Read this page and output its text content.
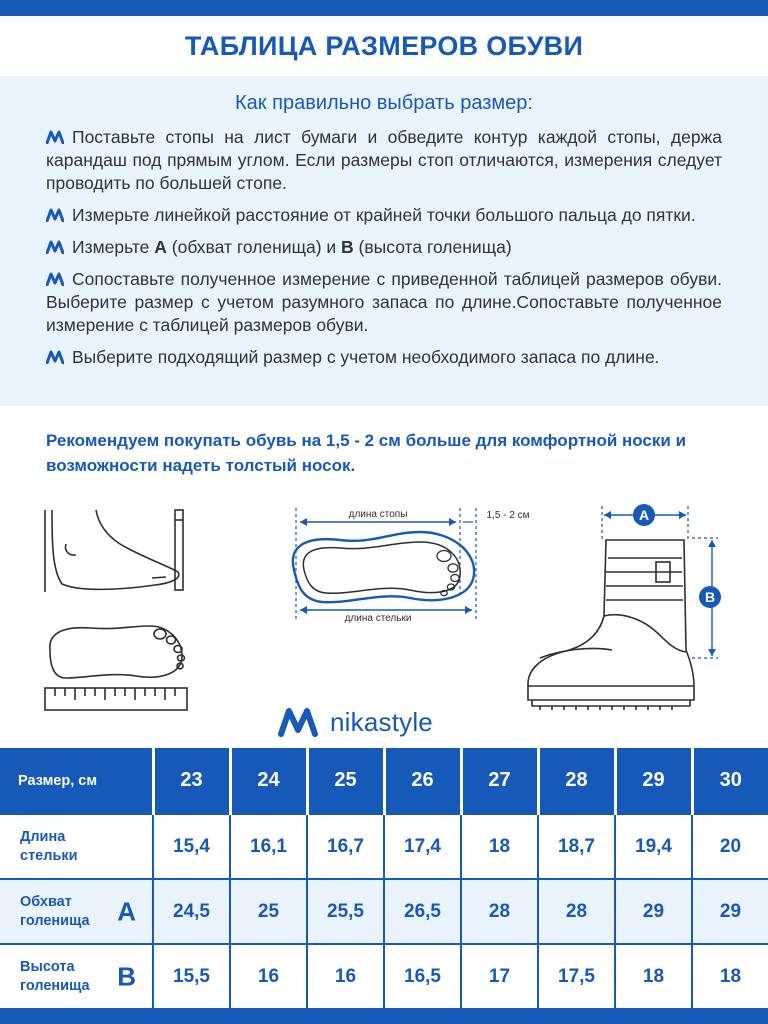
ТАБЛИЦА РАЗМЕРОВ ОБУВИ
Как правильно выбрать размер:
Поставьте стопы на лист бумаги и обведите контур каждой стопы, держа карандаш под прямым углом. Если размеры стоп отличаются, измерения следует проводить по большей стопе.
Измерьте линейкой расстояние от крайней точки большого пальца до пятки.
Измерьте А (обхват голенища) и В (высота голенища)
Сопоставьте полученное измерение с приведенной таблицей размеров обуви. Выберите размер с учетом разумного запаса по длине.Сопоставьте полученное измерение с таблицей размеров обуви.
Выберите подходящий размер с учетом необходимого запаса по длине.

Рекомендуем покупать обувь на 1,5 - 2 см больше для комфортной носки и возможности надеть толстый носок.

длина стопы	1,5 - 2 см
длина стельки
A
B
nikastyle
Размер, см	23	24	25	26	27	28	29	30
Длина
стельки	15,4	16,1	16,7	17,4	18	18,7	19,4	20
Обхват
голенища A	24,5	25	25,5	26,5	28	28	29	29
Высота
голенища B	15,5	16	16	16,5	17	17,5	18	18
